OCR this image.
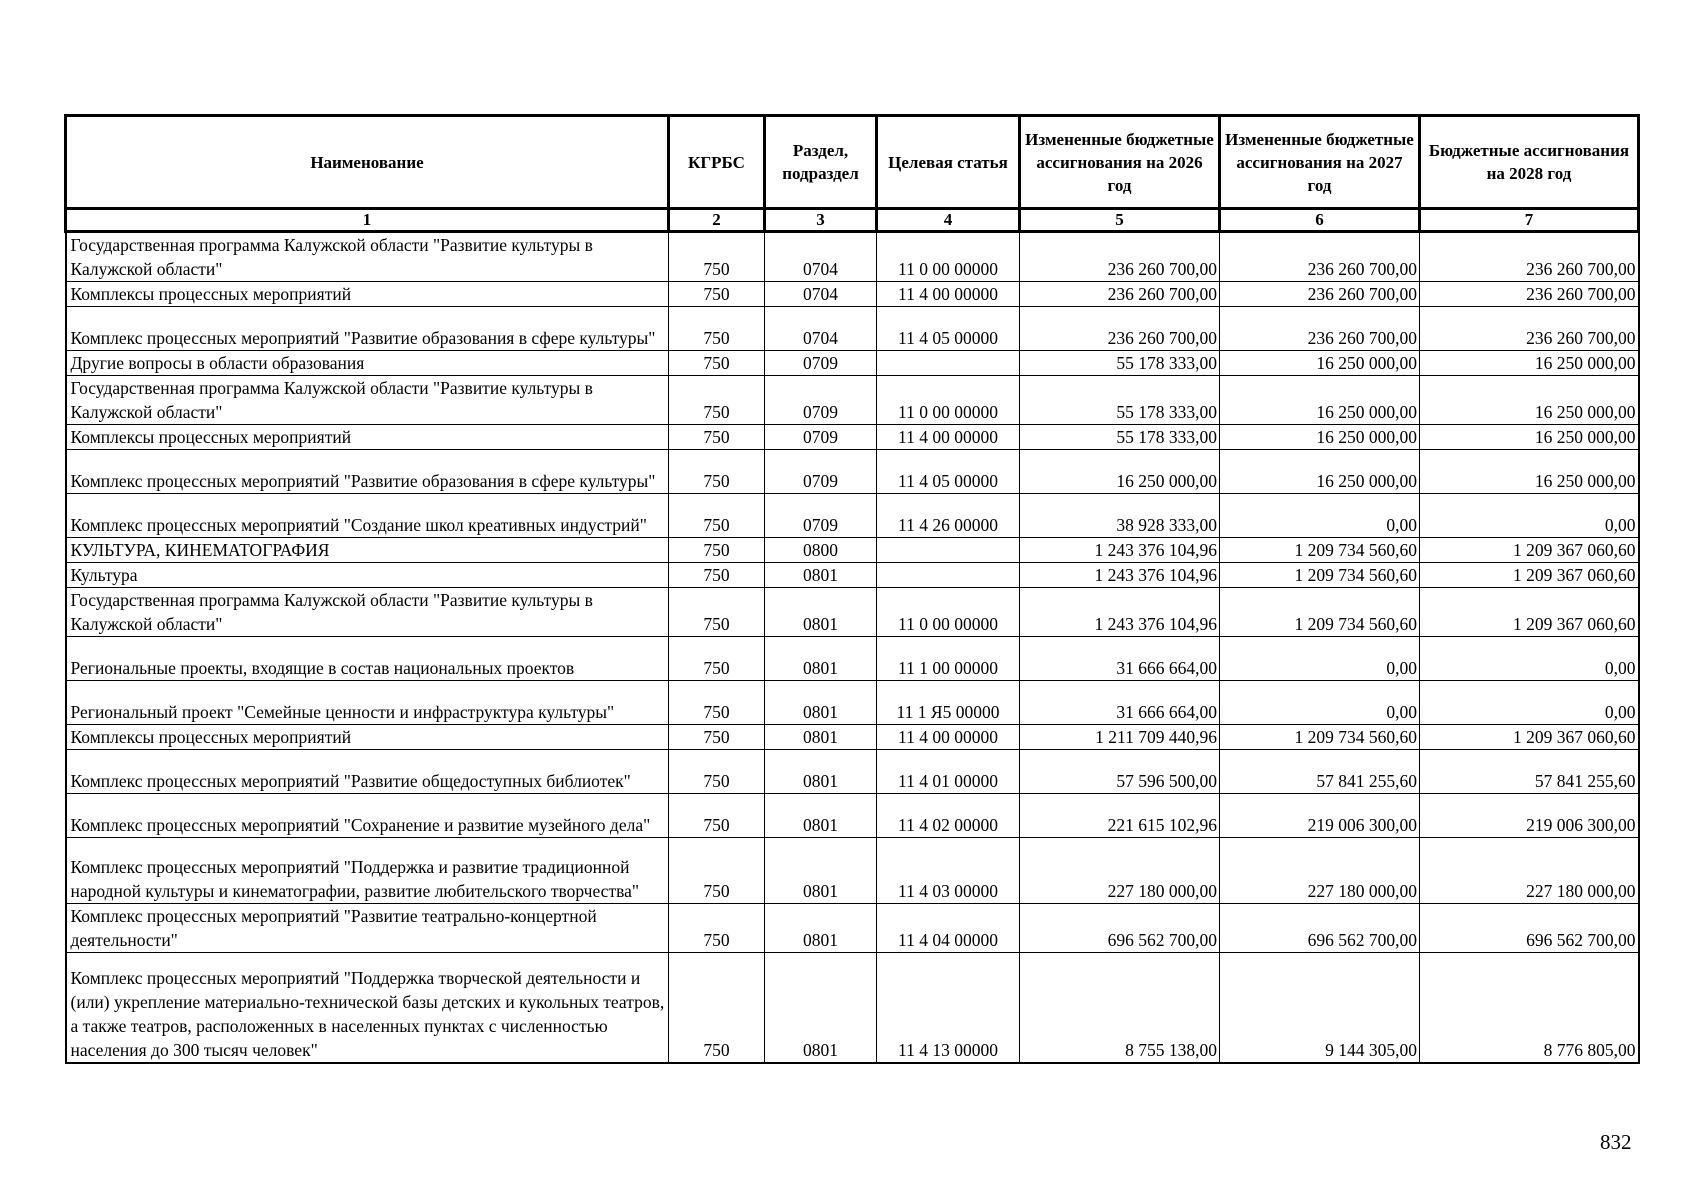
Наименование	КГРБС	Раздел, подраздел	Целевая статья	Измененные бюджетные ассигнования на 2026 год	Измененные бюджетные ассигнования на 2027 год	Бюджетные ассигнования на 2028 год
1	2	3	4	5	6	7
Государственная программа Калужской области "Развитие культуры в Калужской области"	750	0704	11 0 00 00000	236 260 700,00	236 260 700,00	236 260 700,00
Комплексы процессных мероприятий	750	0704	11 4 00 00000	236 260 700,00	236 260 700,00	236 260 700,00
Комплекс процессных мероприятий "Развитие образования в сфере культуры"	750	0704	11 4 05 00000	236 260 700,00	236 260 700,00	236 260 700,00
Другие вопросы в области образования	750	0709		55 178 333,00	16 250 000,00	16 250 000,00
Государственная программа Калужской области "Развитие культуры в Калужской области"	750	0709	11 0 00 00000	55 178 333,00	16 250 000,00	16 250 000,00
Комплексы процессных мероприятий	750	0709	11 4 00 00000	55 178 333,00	16 250 000,00	16 250 000,00
Комплекс процессных мероприятий "Развитие образования в сфере культуры"	750	0709	11 4 05 00000	16 250 000,00	16 250 000,00	16 250 000,00
Комплекс процессных мероприятий "Создание школ креативных индустрий"	750	0709	11 4 26 00000	38 928 333,00	0,00	0,00
КУЛЬТУРА, КИНЕМАТОГРАФИЯ	750	0800		1 243 376 104,96	1 209 734 560,60	1 209 367 060,60
Культура	750	0801		1 243 376 104,96	1 209 734 560,60	1 209 367 060,60
Государственная программа Калужской области "Развитие культуры в Калужской области"	750	0801	11 0 00 00000	1 243 376 104,96	1 209 734 560,60	1 209 367 060,60
Региональные проекты, входящие в состав национальных проектов	750	0801	11 1 00 00000	31 666 664,00	0,00	0,00
Региональный проект "Семейные ценности и инфраструктура культуры"	750	0801	11 1 Я5 00000	31 666 664,00	0,00	0,00
Комплексы процессных мероприятий	750	0801	11 4 00 00000	1 211 709 440,96	1 209 734 560,60	1 209 367 060,60
Комплекс процессных мероприятий "Развитие общедоступных библиотек"	750	0801	11 4 01 00000	57 596 500,00	57 841 255,60	57 841 255,60
Комплекс процессных мероприятий "Сохранение и развитие музейного дела"	750	0801	11 4 02 00000	221 615 102,96	219 006 300,00	219 006 300,00
Комплекс процессных мероприятий "Поддержка и развитие традиционной народной культуры и кинематографии, развитие любительского творчества"	750	0801	11 4 03 00000	227 180 000,00	227 180 000,00	227 180 000,00
Комплекс процессных мероприятий "Развитие театрально-концертной деятельности"	750	0801	11 4 04 00000	696 562 700,00	696 562 700,00	696 562 700,00
Комплекс процессных мероприятий "Поддержка творческой деятельности и (или) укрепление материально-технической базы детских и кукольных театров, а также театров, расположенных в населенных пунктах с численностью населения до 300 тысяч человек"	750	0801	11 4 13 00000	8 755 138,00	9 144 305,00	8 776 805,00
832
